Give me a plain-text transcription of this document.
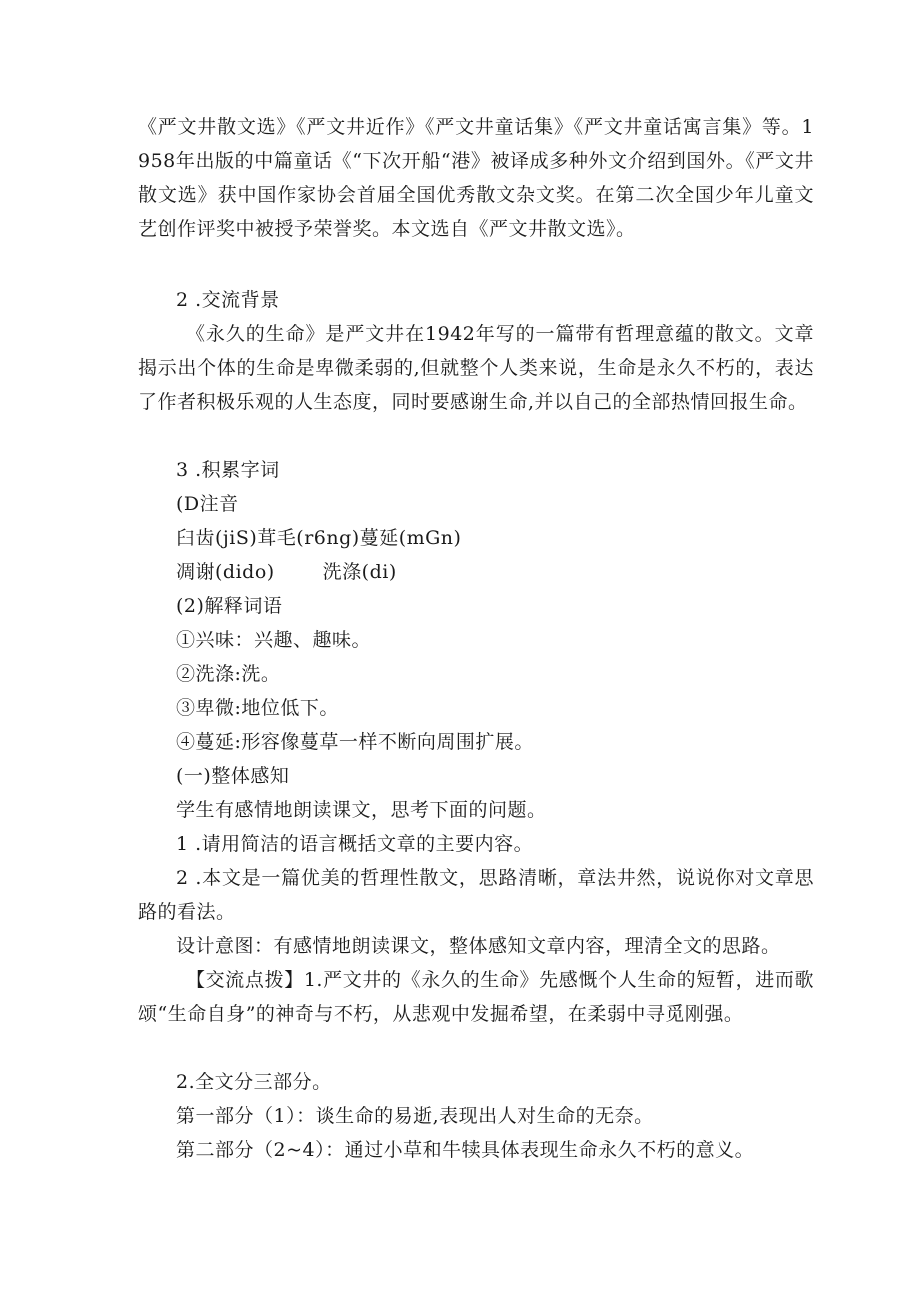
《严文井散文选》《严文井近作》《严文井童话集》《严文井童话寓言集》等。1958年出版的中篇童话《“下次开船“港》被译成多种外文介绍到国外。《严文井散文选》获中国作家协会首届全国优秀散文杂文奖。在第二次全国少年儿童文艺创作评奖中被授予荣誉奖。本文选自《严文井散文选》。

2 .交流背景

《永久的生命》是严文井在1942年写的一篇带有哲理意蕴的散文。文章揭示出个体的生命是卑微柔弱的,但就整个人类来说，生命是永久不朽的，表达了作者积极乐观的人生态度，同时要感谢生命,并以自己的全部热情回报生命。

3 .积累字词

(D注音

臼齿(jiS)茸毛(r6ng)蔓延(mGn)

凋谢(dido)	洗涤(di)

(2)解释词语

①兴味：兴趣、趣味。

②洗涤:洗。

③卑微:地位低下。

④蔓延:形容像蔓草一样不断向周围扩展。

(一)整体感知

学生有感情地朗读课文，思考下面的问题。

1 .请用简洁的语言概括文章的主要内容。

2 .本文是一篇优美的哲理性散文，思路清晰，章法井然，说说你对文章思路的看法。

设计意图：有感情地朗读课文，整体感知文章内容，理清全文的思路。

【交流点拨】1.严文井的《永久的生命》先感慨个人生命的短暂，进而歌颂“生命自身”的神奇与不朽，从悲观中发掘希望，在柔弱中寻觅刚强。

2.全文分三部分。

第一部分（1）：谈生命的易逝,表现出人对生命的无奈。

第二部分（2~4）：通过小草和牛犊具体表现生命永久不朽的意义。
